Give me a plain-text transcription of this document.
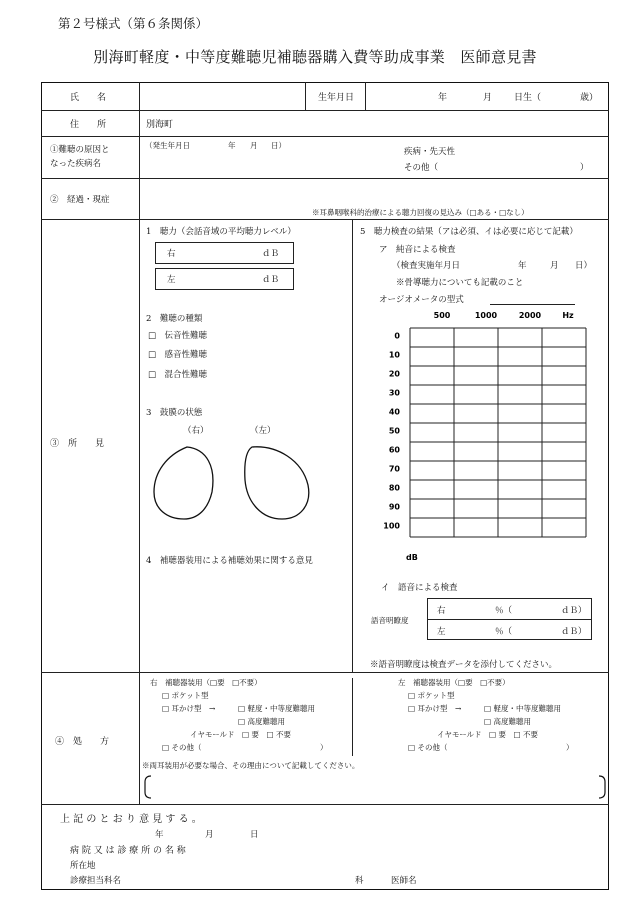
第２号様式（第６条関係）
別海町軽度・中等度難聴児補聴器購入費等助成事業　医師意見書
氏　　名	生年月日	年	月 日生（	歳）
住　　所	別海町
①難聴の原因と
なった疾病名
（発生年月日	年 月 日）
疾病・先天性
その他（	）
②　経過・現症
※耳鼻咽喉科的治療による聴力回復の見込み（□ある・□なし）
③　所　　見
1　聴力（会話音域の平均聴力レベル）
右	ｄＢ
左	ｄＢ
2　難聴の種類
□　伝音性難聴
□　感音性難聴
□　混合性難聴
3　鼓膜の状態
（右）	（左）
4　補聴器装用による補聴効果に関する意見
5　聴力検査の結果（アは必須、イは必要に応じて記載）
ア　純音による検査
（検査実施年月日	年	月 日）
※骨導聴力についても記載のこと
オージオメータの型式
500	1000	2000	Hz
0
10
20
30
40
50
60
70
80
90
100
dB
イ　語音による検査
語音明瞭度
右	％（	ｄＢ）
左	％（	ｄＢ）
※語音明瞭度は検査データを添付してください。
④　処　　方
右　補聴器装用（□要　□不要）
□ ポケット型
□ 耳かけ型　→	□ 軽度・中等度難聴用
□ 高度難聴用
イヤモールド　□ 要　□ 不要
□ その他（	）
左　補聴器装用（□要　□不要）
□ ポケット型
□ 耳かけ型　→	□ 軽度・中等度難聴用
□ 高度難聴用
イヤモールド　□ 要　□ 不要
□ その他（	）
※両耳装用が必要な場合、その理由について記載してください。
上 記 の と お り 意 見 す る 。
年	月	日
病 院 又 は 診 療 所 の 名 称
所在地
診療担当科名	科	医師名
